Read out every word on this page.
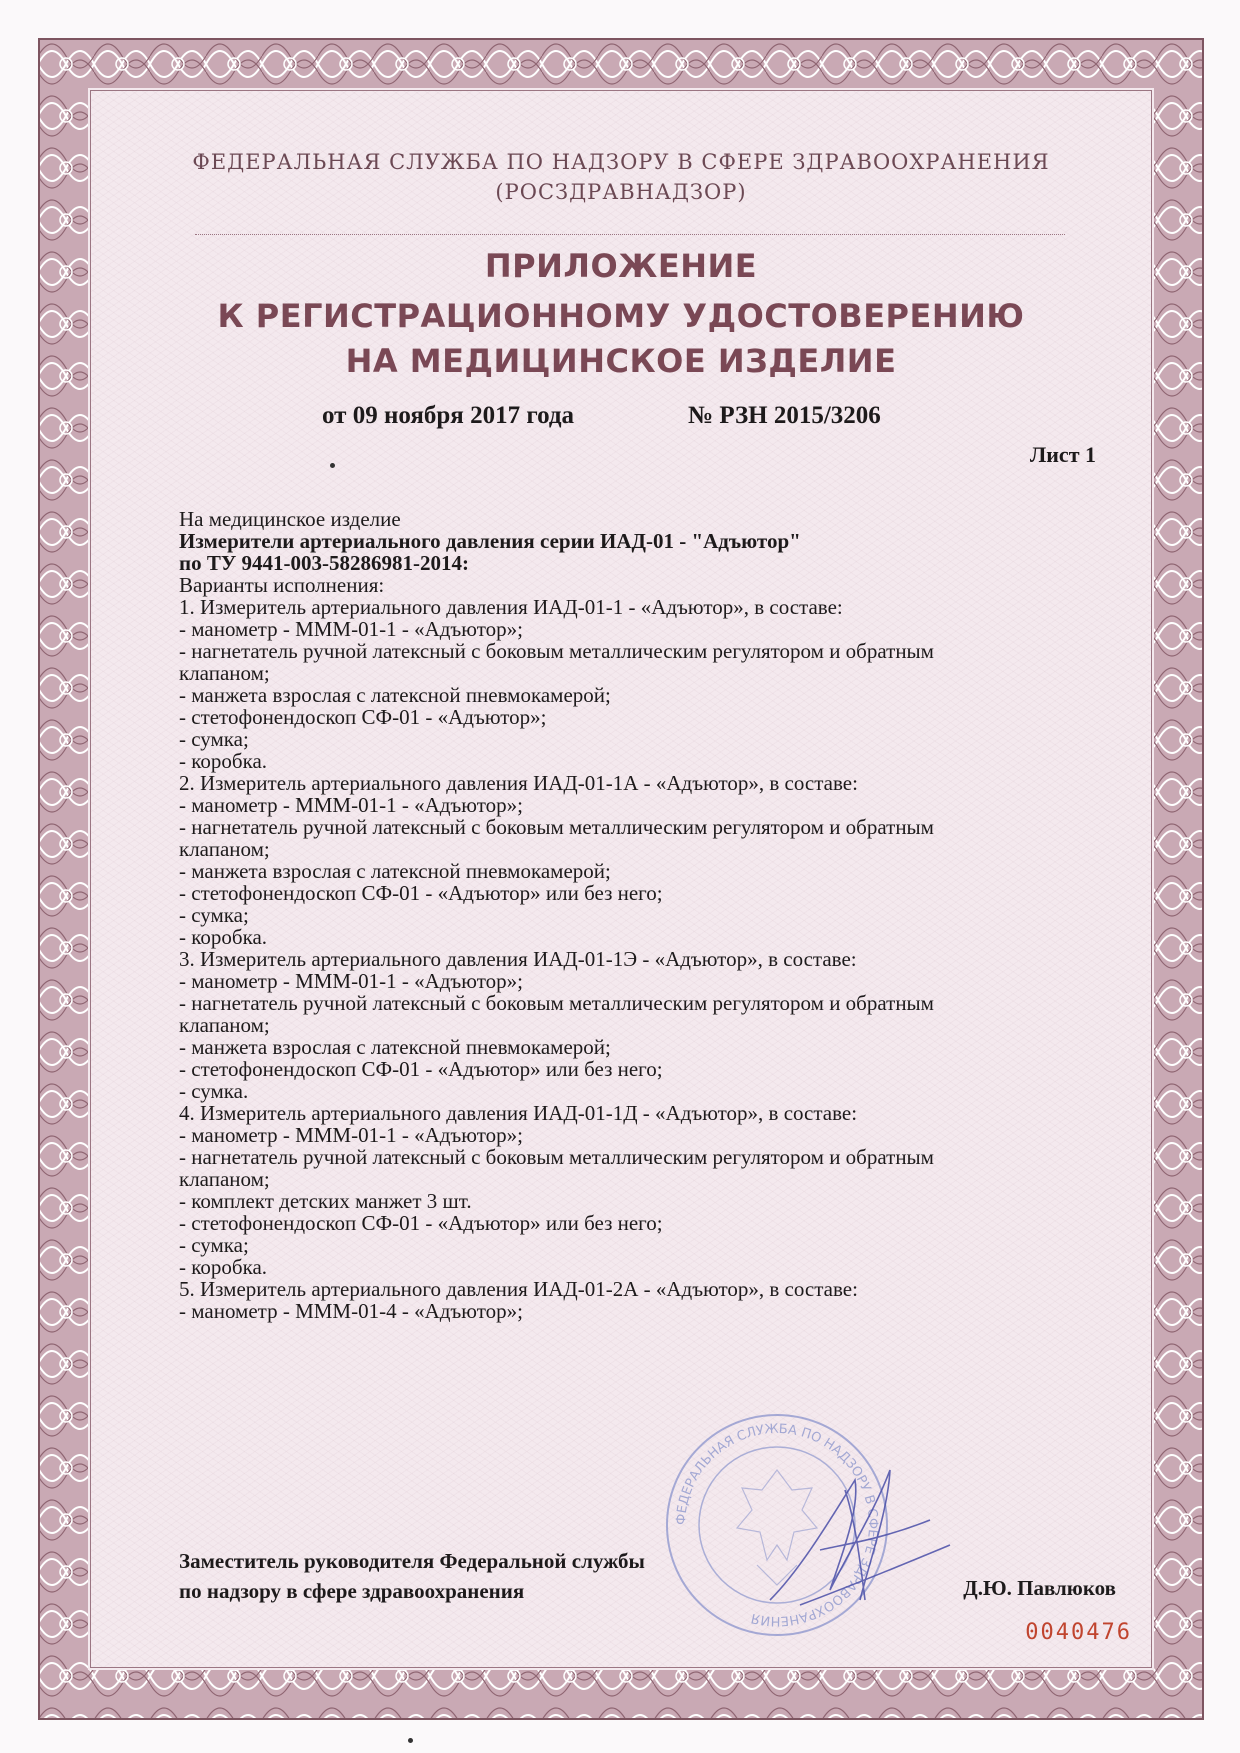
ФЕДЕРАЛЬНАЯ СЛУЖБА ПО НАДЗОРУ В СФЕРЕ ЗДРАВООХРАНЕНИЯ
(РОСЗДРАВНАДЗОР)
ПРИЛОЖЕНИЕ
К РЕГИСТРАЦИОННОМУ УДОСТОВЕРЕНИЮ
НА МЕДИЦИНСКОЕ ИЗДЕЛИЕ
от 09 ноября 2017 года	№ РЗН 2015/3206
Лист 1
На медицинское изделие
Измерители артериального давления серии ИАД-01 - "Адъютор"
по ТУ 9441-003-58286981-2014:
Варианты исполнения:
1. Измеритель артериального давления ИАД-01-1 - «Адъютор», в составе:
- манометр - МММ-01-1 - «Адъютор»;
- нагнетатель ручной латексный с боковым металлическим регулятором и обратным
клапаном;
- манжета взрослая с латексной пневмокамерой;
- стетофонендоскоп СФ-01 - «Адъютор»;
- сумка;
- коробка.
2. Измеритель артериального давления ИАД-01-1А - «Адъютор», в составе:
- манометр - МММ-01-1 - «Адъютор»;
- нагнетатель ручной латексный с боковым металлическим регулятором и обратным
клапаном;
- манжета взрослая с латексной пневмокамерой;
- стетофонендоскоп СФ-01 - «Адъютор» или без него;
- сумка;
- коробка.
3. Измеритель артериального давления ИАД-01-1Э - «Адъютор», в составе:
- манометр - МММ-01-1 - «Адъютор»;
- нагнетатель ручной латексный с боковым металлическим регулятором и обратным
клапаном;
- манжета взрослая с латексной пневмокамерой;
- стетофонендоскоп СФ-01 - «Адъютор» или без него;
- сумка.
4. Измеритель артериального давления ИАД-01-1Д - «Адъютор», в составе:
- манометр - МММ-01-1 - «Адъютор»;
- нагнетатель ручной латексный с боковым металлическим регулятором и обратным
клапаном;
- комплект детских манжет 3 шт.
- стетофонендоскоп СФ-01 - «Адъютор» или без него;
- сумка;
- коробка.
5. Измеритель артериального давления ИАД-01-2А - «Адъютор», в составе:
- манометр - ММM-01-4 - «Адъютор»;
ФЕДЕРАЛЬНАЯ СЛУЖБА ПО НАДЗОРУ В СФЕРЕ ЗДРАВООХРАНЕНИЯ
Заместитель руководителя Федеральной службы
по надзору в сфере здравоохранения	Д.Ю. Павлюков
0040476
